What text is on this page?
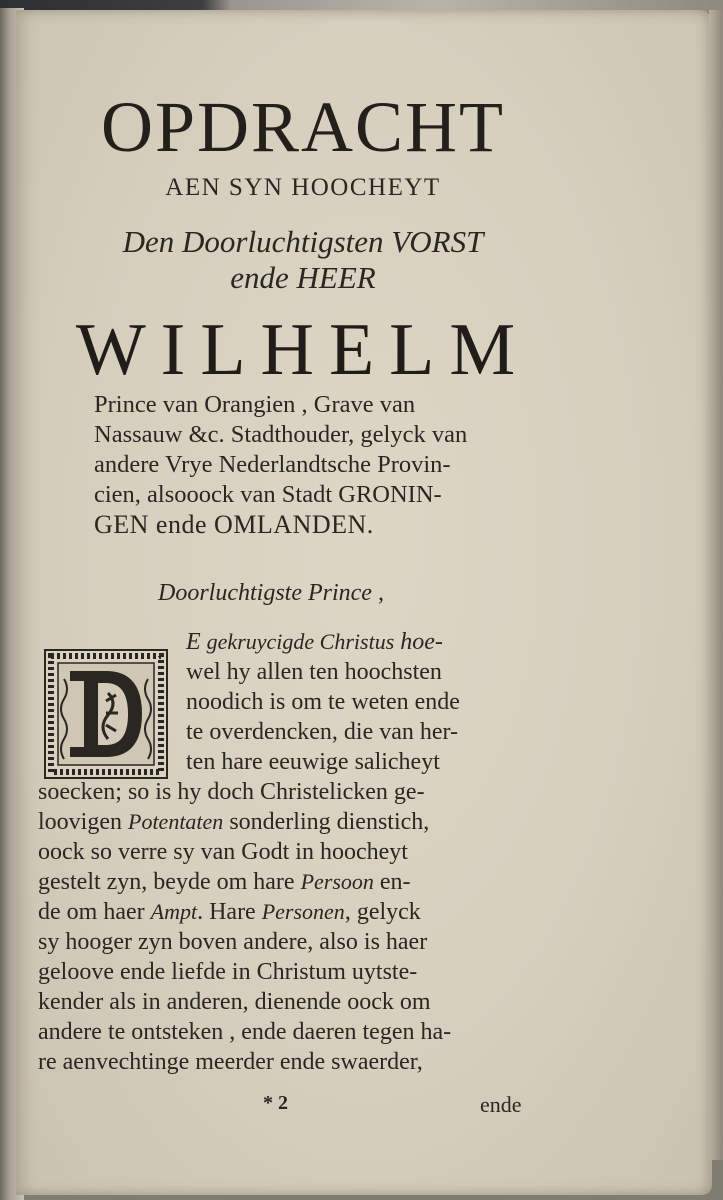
OPDRACHT

AEN SYN HOOCHEYT

Den Doorluchtigsten VORST

ende HEER

WILHELM

Prince van Orangien , Grave van
Nassauw &c. Stadthouder, gelyck van
andere Vrye Nederlandtsche Provin-
cien, alsooock van Stadt GRONIN-
GEN ende OMLANDEN.

Doorluchtigste Prince ,

E gekruycigde Christus hoe-
wel hy allen ten hoochsten
noodich is om te weten ende
te overdencken, die van her-
ten hare eeuwige salicheyt
soecken; so is hy doch Christelicken ge-
loovigen Potentaten sonderling dienstich,
oock so verre sy van Godt in hoocheyt
gestelt zyn, beyde om hare Persoon en-
de om haer Ampt. Hare Personen, gelyck
sy hooger zyn boven andere, also is haer
geloove ende liefde in Christum uytste-
kender als in anderen, dienende oock om
andere te ontsteken , ende daeren tegen ha-
re aenvechtinge meerder ende swaerder,
* 2	ende
